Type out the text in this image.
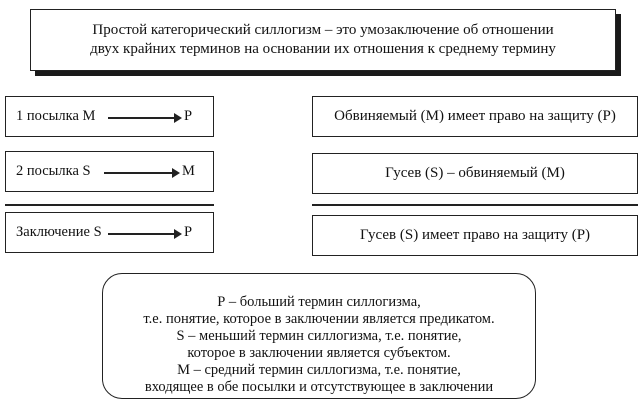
Простой категорический силлогизм – это умозаключение об отношении
двух крайних терминов на основании их отношения к среднему термину
1 посылка M	P
2 посылка S	M
Заключение S	P
Обвиняемый (М) имеет право на защиту (Р)
Гусев (S) – обвиняемый (М)
Гусев (S) имеет право на защиту (Р)
Р – больший термин силлогизма,
т.е. понятие, которое в заключении является предикатом.
S – меньший термин силлогизма, т.е. понятие,
которое в заключении является субъектом.
М – средний термин силлогизма, т.е. понятие,
входящее в обе посылки и отсутствующее в заключении
